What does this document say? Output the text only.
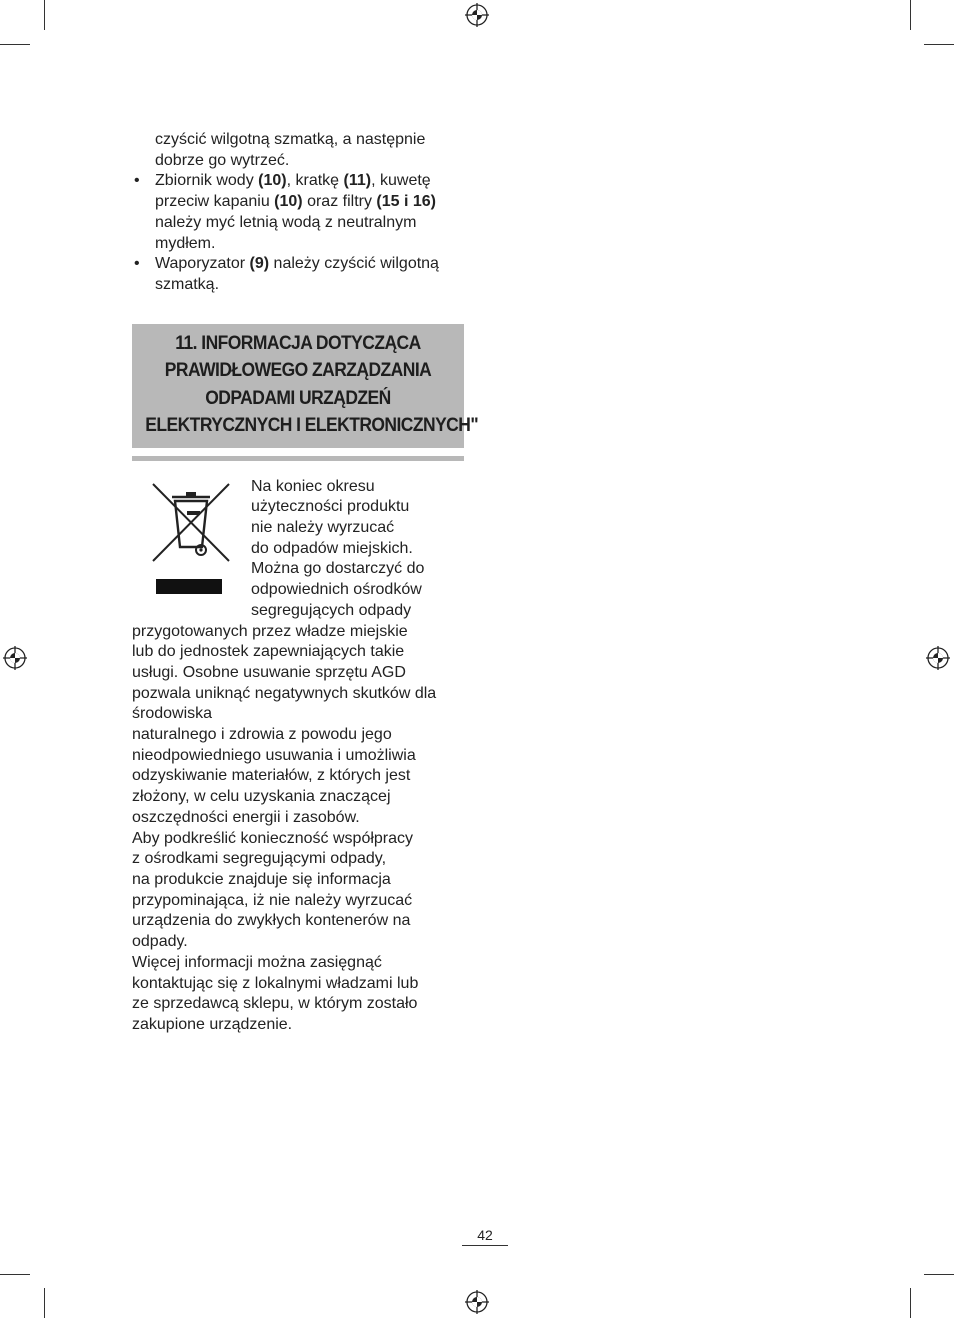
czyścić wilgotną szmatką, a następnie
dobrze go wytrzeć.

• Zbiornik wody (10), kratkę (11), kuwetę
przeciw kapaniu (10) oraz filtry (15 i 16)
należy myć letnią wodą z neutralnym
mydłem.

• Waporyzator (9) należy czyścić wilgotną
szmatką.

11. INFORMACJA DOTYCZĄCA
PRAWIDŁOWEGO ZARZĄDZANIA
ODPADAMI URZĄDZEŃ
ELEKTRYCZNYCH I ELEKTRONICZNYCH"

Na koniec okresu
użyteczności produktu
nie należy wyrzucać
do odpadów miejskich.
Można go dostarczyć do
odpowiednich ośrodków
segregujących odpady

przygotowanych przez władze miejskie
lub do jednostek zapewniających takie
usługi. Osobne usuwanie sprzętu AGD
pozwala uniknąć negatywnych skutków dla
środowiska
naturalnego i zdrowia z powodu jego
nieodpowiedniego usuwania i umożliwia
odzyskiwanie materiałów, z których jest
złożony, w celu uzyskania znaczącej
oszczędności energii i zasobów.
Aby podkreślić konieczność współpracy
z ośrodkami segregującymi odpady,
na produkcie znajduje się informacja
przypominająca, iż nie należy wyrzucać
urządzenia do zwykłych kontenerów na
odpady.
Więcej informacji można zasięgnąć
kontaktując się z lokalnymi władzami lub
ze sprzedawcą sklepu, w którym zostało
zakupione urządzenie.

42
